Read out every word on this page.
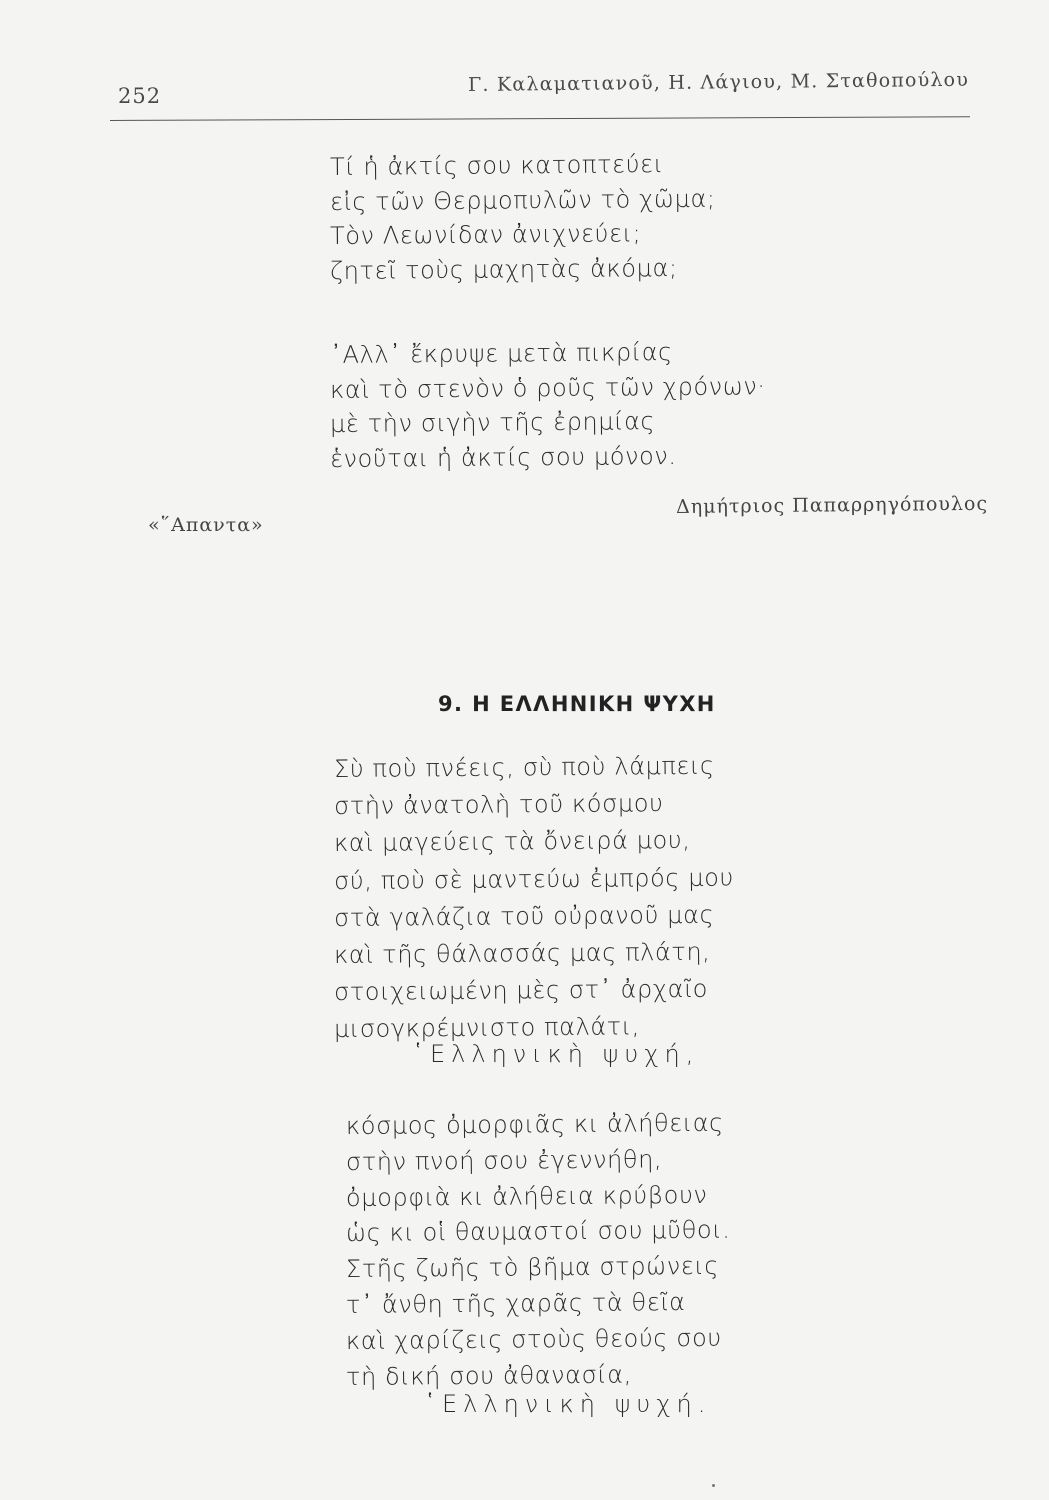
252
Γ. Καλαματιανοῦ, Η. Λάγιου, Μ. Σταθοπούλου
Τί ἡ ἀκτίς σου κατοπτεύει
εἰς τῶν Θερμοπυλῶν τὸ χῶμα;
Τὸν Λεωνίδαν ἀνιχνεύει;
ζητεῖ τοὺς μαχητὰς ἀκόμα;
᾿Αλλ᾿ ἔκρυψε μετὰ πικρίας
καὶ τὸ στενὸν ὁ ροῦς τῶν χρόνων·
μὲ τὴν σιγὴν τῆς ἐρημίας
ἑνοῦται ἡ ἀκτίς σου μόνον.
Δημήτριος Παπαρρηγόπουλος
«῞Απαντα»
9. Η ΕΛΛΗΝΙΚΗ ΨΥΧΗ
Σὺ ποὺ πνέεις, σὺ ποὺ λάμπεις
στὴν ἀνατολὴ τοῦ κόσμου
καὶ μαγεύεις τὰ ὄνειρά μου,
σύ, ποὺ σὲ μαντεύω ἐμπρός μου
στὰ γαλάζια τοῦ οὐρανοῦ μας
καὶ τῆς θάλασσάς μας πλάτη,
στοιχειωμένη μὲς στ᾿ ἀρχαῖο
μισογκρέμνιστο παλάτι,
῾Ελληνικὴ ψυχή,
κόσμος ὀμορφιᾶς κι ἀλήθειας
στὴν πνοή σου ἐγεννήθη,
ὀμορφιὰ κι ἀλήθεια κρύβουν
ὡς κι οἱ θαυμαστοί σου μῦθοι.
Στῆς ζωῆς τὸ βῆμα στρώνεις
τ᾿ ἄνθη τῆς χαρᾶς τὰ θεῖα
καὶ χαρίζεις στοὺς θεούς σου
τὴ δική σου ἀθανασία,
῾Ελληνικὴ ψυχή.
